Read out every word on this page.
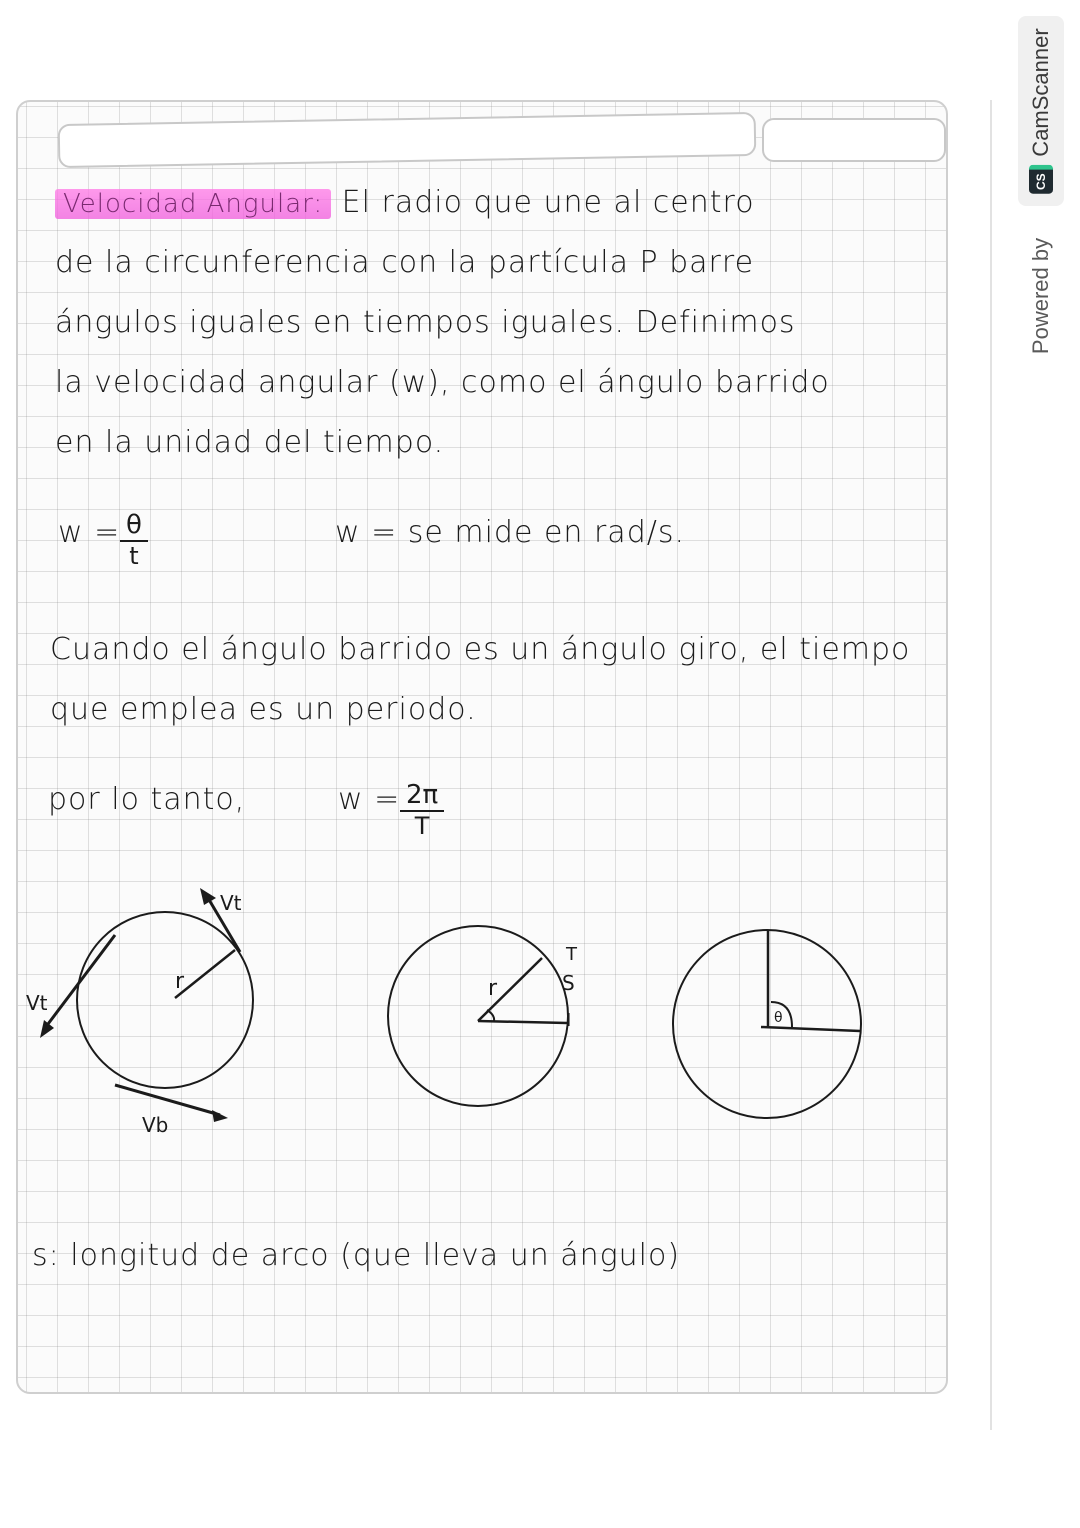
Velocidad Angular: El radio que une al centro
de la circunferencia con la partícula P barre
ángulos iguales en tiempos iguales. Definimos
la velocidad angular (w), como el ángulo barrido
en la unidad del tiempo.
$w = \frac{\theta}{t}$	w = se mide en rad/s.
Cuando el ángulo barrido es un ángulo giro, el tiempo
que emplea es un periodo.
por lo tanto,	$w = \frac{2\pi}{T}$
r
Vt
Vt
Vb
r	S
T
I	θ
s: longitud de arco (que lleva un ángulo)
CS
CamScanner
Powered by
